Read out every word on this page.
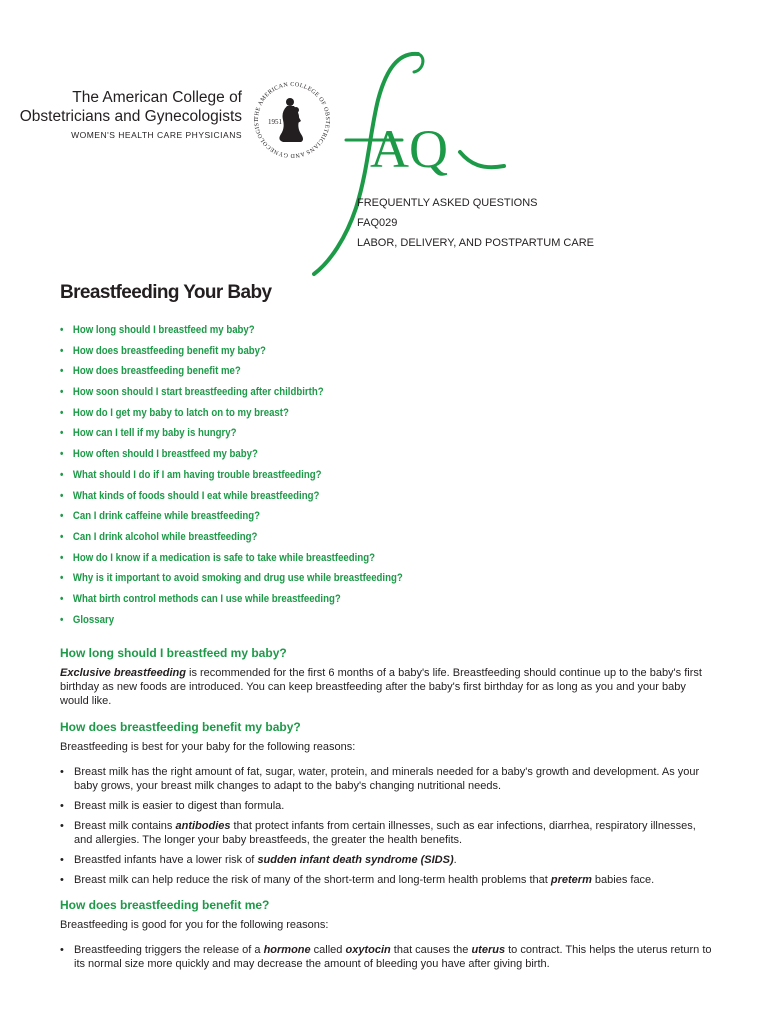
The American College of
Obstetricians and Gynecologists
WOMEN'S HEALTH CARE PHYSICIANS
THE AMERICAN COLLEGE OF OBSTETRICIANS AND GYNECOLOGIST	1951 AQ
FREQUENTLY ASKED QUESTIONS
FAQ029
LABOR, DELIVERY, AND POSTPARTUM CARE
Breastfeeding Your Baby
• How long should I breastfeed my baby?
• How does breastfeeding benefit my baby?
• How does breastfeeding benefit me?
• How soon should I start breastfeeding after childbirth?
• How do I get my baby to latch on to my breast?
• How can I tell if my baby is hungry?
• How often should I breastfeed my baby?
• What should I do if I am having trouble breastfeeding?
• What kinds of foods should I eat while breastfeeding?
• Can I drink caffeine while breastfeeding?
• Can I drink alcohol while breastfeeding?
• How do I know if a medication is safe to take while breastfeeding?
• Why is it important to avoid smoking and drug use while breastfeeding?
• What birth control methods can I use while breastfeeding?
• Glossary
How long should I breastfeed my baby?

Exclusive breastfeeding is recommended for the first 6 months of a baby's life. Breastfeeding should continue up to the baby's first birthday as new foods are introduced. You can keep breastfeeding after the baby's first birthday for as long as you and your baby would like.

How does breastfeeding benefit my baby?

Breastfeeding is best for your baby for the following reasons:

• Breast milk has the right amount of fat, sugar, water, protein, and minerals needed for a baby's growth and development. As your baby grows, your breast milk changes to adapt to the baby's changing nutritional needs.
• Breast milk is easier to digest than formula.
• Breast milk contains antibodies that protect infants from certain illnesses, such as ear infections, diarrhea, respiratory illnesses, and allergies. The longer your baby breastfeeds, the greater the health benefits.
• Breastfed infants have a lower risk of sudden infant death syndrome (SIDS).
• Breast milk can help reduce the risk of many of the short-term and long-term health problems that preterm babies face.
How does breastfeeding benefit me?

Breastfeeding is good for you for the following reasons:

• Breastfeeding triggers the release of a hormone called oxytocin that causes the uterus to contract. This helps the uterus return to its normal size more quickly and may decrease the amount of bleeding you have after giving birth.
